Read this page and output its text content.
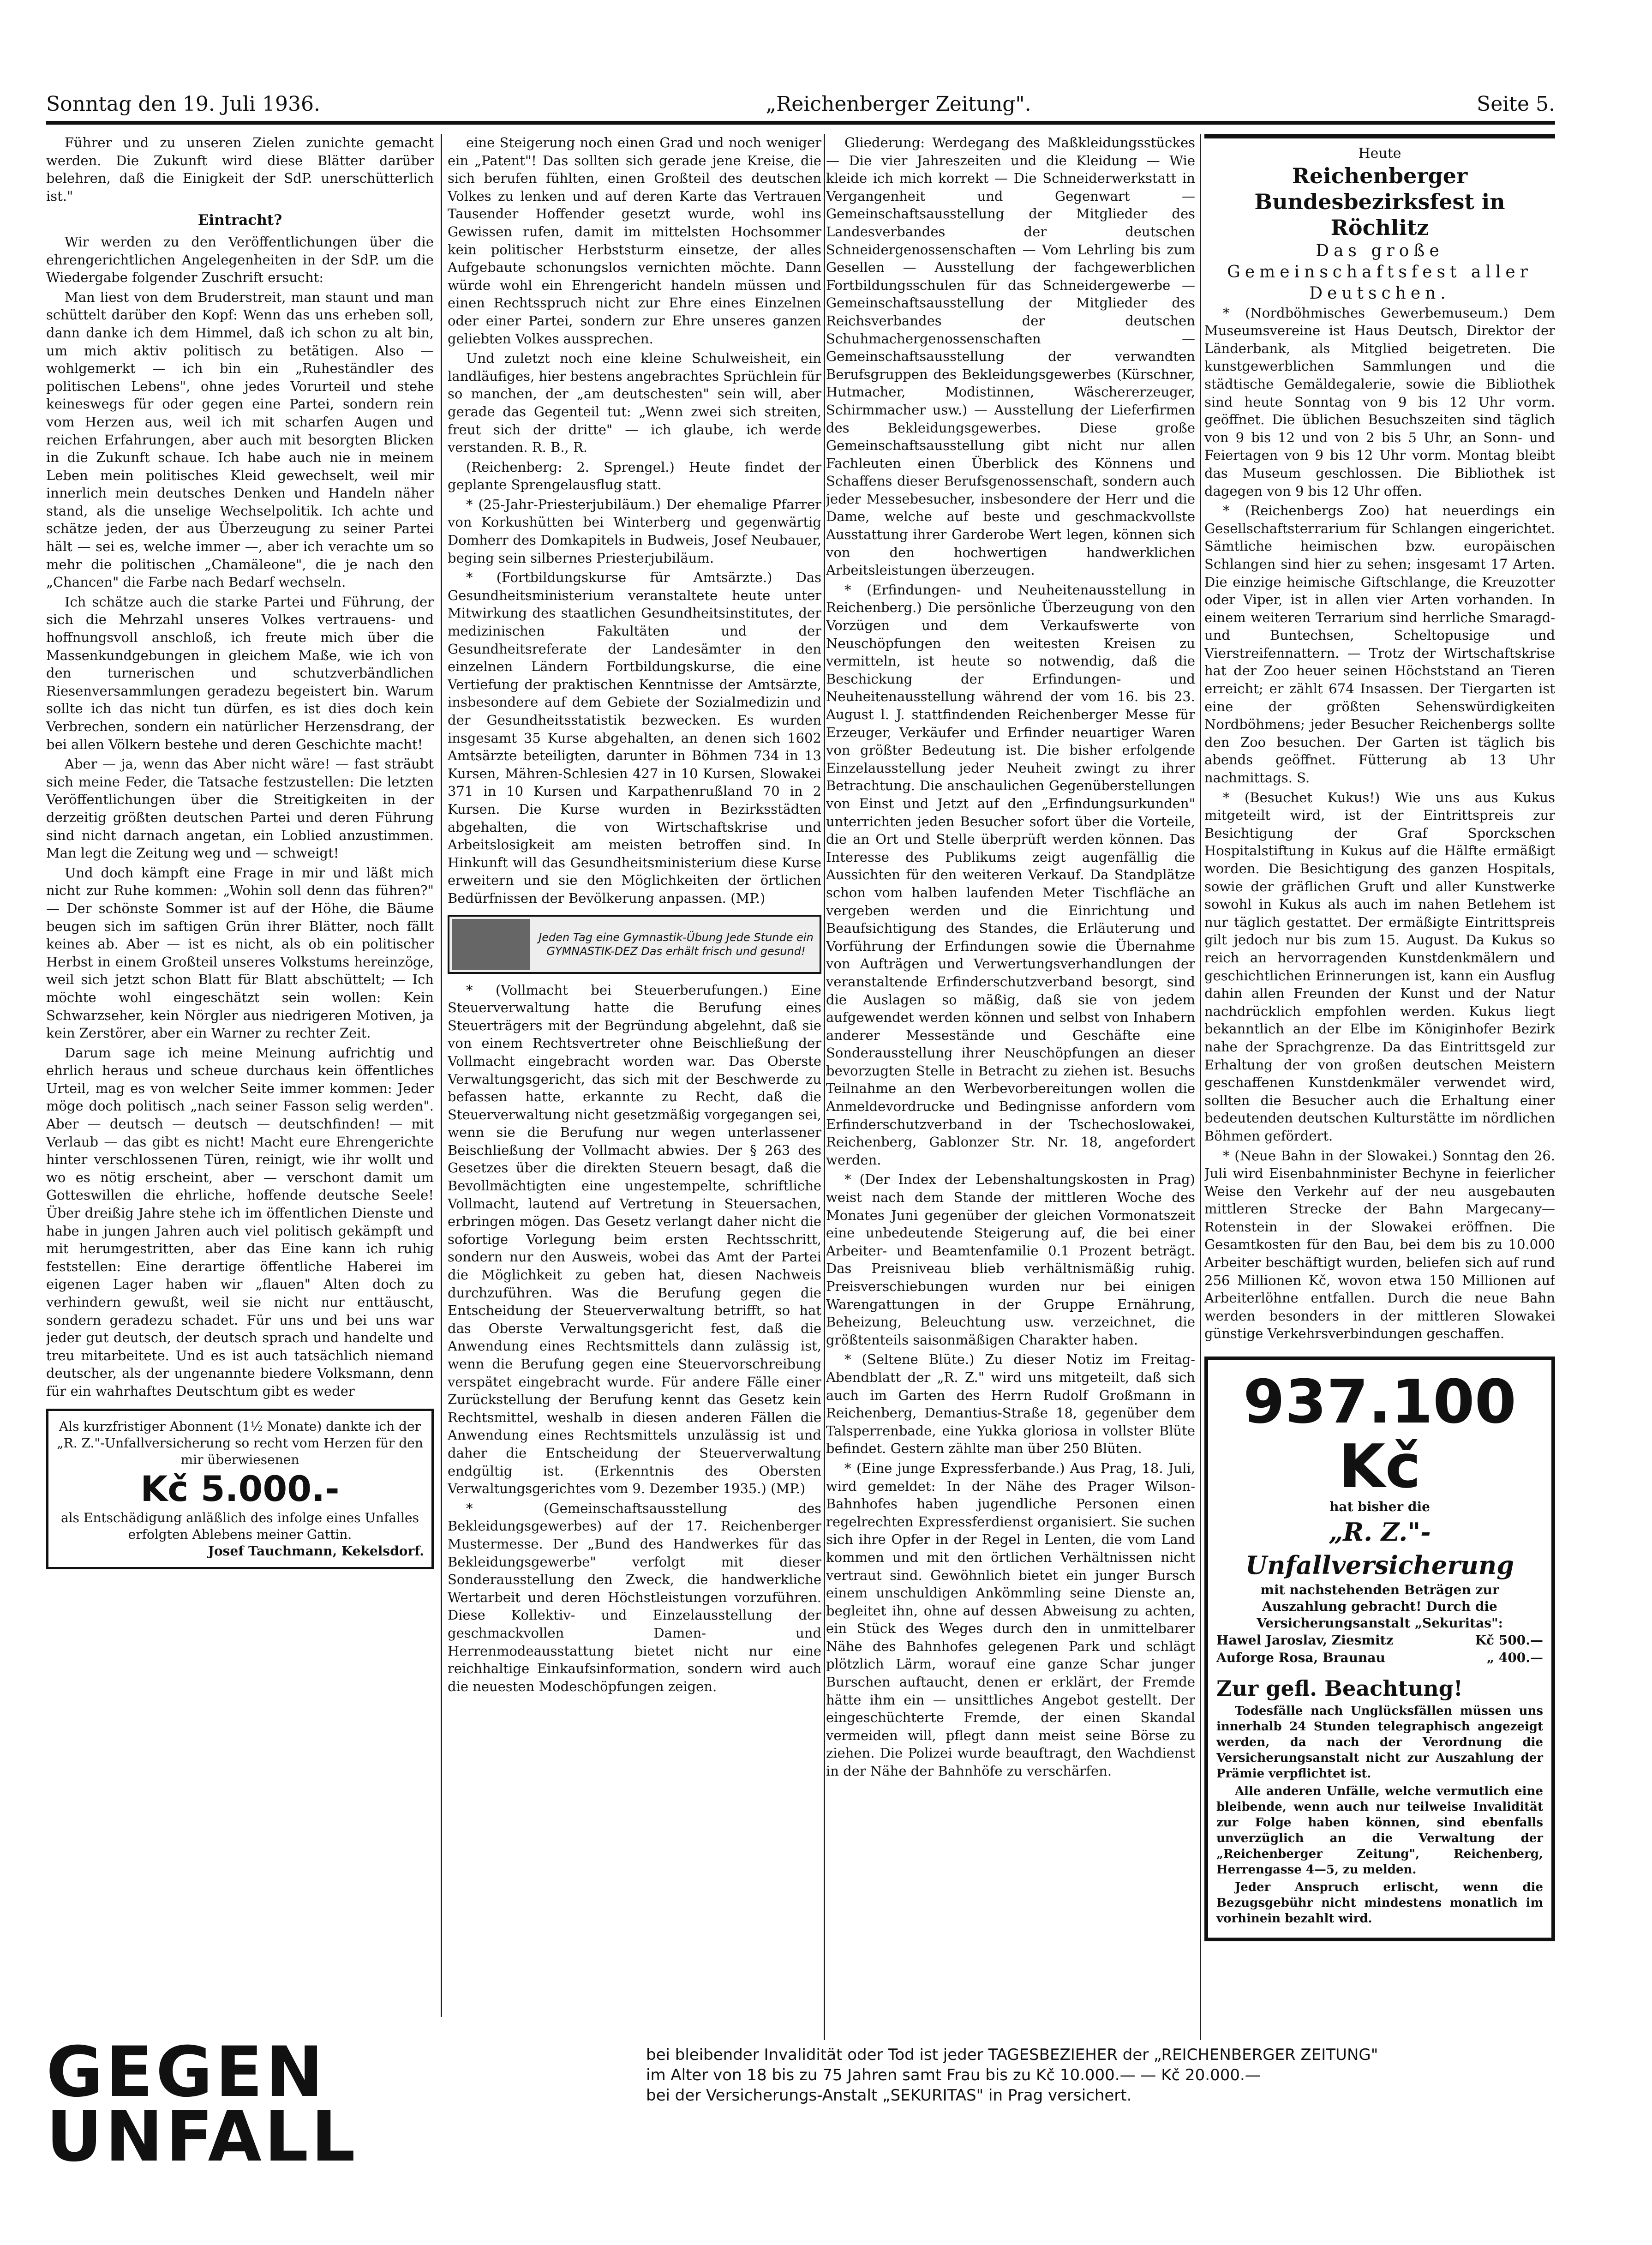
Sonntag den 19. Juli 1936.	„Reichenberger Zeitung".	Seite 5.

Führer und zu unseren Zielen zunichte gemacht werden. Die Zukunft wird diese Blätter darüber belehren, daß die Einigkeit der SdP. unerschütterlich ist."

Eintracht?

Wir werden zu den Veröffentlichungen über die ehrengerichtlichen Angelegenheiten in der SdP. um die Wiedergabe folgender Zuschrift ersucht:

Man liest von dem Bruderstreit, man staunt und man schüttelt darüber den Kopf: Wenn das uns erheben soll, dann danke ich dem Himmel, daß ich schon zu alt bin, um mich aktiv politisch zu betätigen. Also — wohlgemerkt — ich bin ein „Ruheständler des politischen Lebens", ohne jedes Vorurteil und stehe keineswegs für oder gegen eine Partei, sondern rein vom Herzen aus, weil ich mit scharfen Augen und reichen Erfahrungen, aber auch mit besorgten Blicken in die Zukunft schaue. Ich habe auch nie in meinem Leben mein politisches Kleid gewechselt, weil mir innerlich mein deutsches Denken und Handeln näher stand, als die unselige Wechselpolitik. Ich achte und schätze jeden, der aus Überzeugung zu seiner Partei hält — sei es, welche immer —, aber ich verachte um so mehr die politischen „Chamäleone", die je nach den „Chancen" die Farbe nach Bedarf wechseln.

Ich schätze auch die starke Partei und Führung, der sich die Mehrzahl unseres Volkes vertrauens- und hoffnungsvoll anschloß, ich freute mich über die Massenkundgebungen in gleichem Maße, wie ich von den turnerischen und schutzverbändlichen Riesenversammlungen geradezu begeistert bin. Warum sollte ich das nicht tun dürfen, es ist dies doch kein Verbrechen, sondern ein natürlicher Herzensdrang, der bei allen Völkern bestehe und deren Geschichte macht!

Aber — ja, wenn das Aber nicht wäre! — fast sträubt sich meine Feder, die Tatsache festzustellen: Die letzten Veröffentlichungen über die Streitigkeiten in der derzeitig größten deutschen Partei und deren Führung sind nicht darnach angetan, ein Loblied anzustimmen. Man legt die Zeitung weg und — schweigt!

Und doch kämpft eine Frage in mir und läßt mich nicht zur Ruhe kommen: „Wohin soll denn das führen?" — Der schönste Sommer ist auf der Höhe, die Bäume beugen sich im saftigen Grün ihrer Blätter, noch fällt keines ab. Aber — ist es nicht, als ob ein politischer Herbst in einem Großteil unseres Volkstums hereinzöge, weil sich jetzt schon Blatt für Blatt abschüttelt; — Ich möchte wohl eingeschätzt sein wollen: Kein Schwarzseher, kein Nörgler aus niedrigeren Motiven, ja kein Zerstörer, aber ein Warner zu rechter Zeit.

Darum sage ich meine Meinung aufrichtig und ehrlich heraus und scheue durchaus kein öffentliches Urteil, mag es von welcher Seite immer kommen: Jeder möge doch politisch „nach seiner Fasson selig werden". Aber — deutsch — deutsch — deutschfinden! — mit Verlaub — das gibt es nicht! Macht eure Ehrengerichte hinter verschlossenen Türen, reinigt, wie ihr wollt und wo es nötig erscheint, aber — verschont damit um Gotteswillen die ehrliche, hoffende deutsche Seele! Über dreißig Jahre stehe ich im öffentlichen Dienste und habe in jungen Jahren auch viel politisch gekämpft und mit herumgestritten, aber das Eine kann ich ruhig feststellen: Eine derartige öffentliche Haberei im eigenen Lager haben wir „flauen" Alten doch zu verhindern gewußt, weil sie nicht nur enttäuscht, sondern geradezu schadet. Für uns und bei uns war jeder gut deutsch, der deutsch sprach und handelte und treu mitarbeitete. Und es ist auch tatsächlich niemand deutscher, als der ungenannte biedere Volksmann, denn für ein wahrhaftes Deutschtum gibt es weder

Als kurzfristiger Abonnent (1½ Monate) dankte ich der „R. Z."-Unfallversicherung so recht vom Herzen für den mir überwiesenen
Kč 5.000.-
als Entschädigung anläßlich des infolge eines Unfalles erfolgten Ablebens meiner Gattin.
Josef Tauchmann, Kekelsdorf.

eine Steigerung noch einen Grad und noch weniger ein „Patent"! Das sollten sich gerade jene Kreise, die sich berufen fühlten, einen Großteil des deutschen Volkes zu lenken und auf deren Karte das Vertrauen Tausender Hoffender gesetzt wurde, wohl ins Gewissen rufen, damit im mittelsten Hochsommer kein politischer Herbststurm einsetze, der alles Aufgebaute schonungslos vernichten möchte. Dann würde wohl ein Ehrengericht handeln müssen und einen Rechtsspruch nicht zur Ehre eines Einzelnen oder einer Partei, sondern zur Ehre unseres ganzen geliebten Volkes aussprechen.

Und zuletzt noch eine kleine Schulweisheit, ein landläufiges, hier bestens angebrachtes Sprüchlein für so manchen, der „am deutschesten" sein will, aber gerade das Gegenteil tut: „Wenn zwei sich streiten, freut sich der dritte" — ich glaube, ich werde verstanden. R. B., R.

(Reichenberg: 2. Sprengel.) Heute findet der geplante Sprengelausflug statt.

* (25-Jahr-Priesterjubiläum.) Der ehemalige Pfarrer von Korkushütten bei Winterberg und gegenwärtig Domherr des Domkapitels in Budweis, Josef Neubauer, beging sein silbernes Priesterjubiläum.

* (Fortbildungskurse für Amtsärzte.) Das Gesundheitsministerium veranstaltete heute unter Mitwirkung des staatlichen Gesundheitsinstitutes, der medizinischen Fakultäten und der Gesundheitsreferate der Landesämter in den einzelnen Ländern Fortbildungskurse, die eine Vertiefung der praktischen Kenntnisse der Amtsärzte, insbesondere auf dem Gebiete der Sozialmedizin und der Gesundheitsstatistik bezwecken. Es wurden insgesamt 35 Kurse abgehalten, an denen sich 1602 Amtsärzte beteiligten, darunter in Böhmen 734 in 13 Kursen, Mähren-Schlesien 427 in 10 Kursen, Slowakei 371 in 10 Kursen und Karpathenrußland 70 in 2 Kursen. Die Kurse wurden in Bezirksstädten abgehalten, die von Wirtschaftskrise und Arbeitslosigkeit am meisten betroffen sind. In Hinkunft will das Gesundheitsministerium diese Kurse erweitern und sie den Möglichkeiten der örtlichen Bedürfnissen der Bevölkerung anpassen. (MP.)

Jeden Tag eine Gymnastik-Übung Jede Stunde ein GYMNASTIK-DEZ Das erhält frisch und gesund!

* (Vollmacht bei Steuerberufungen.) Eine Steuerverwaltung hatte die Berufung eines Steuerträgers mit der Begründung abgelehnt, daß sie von einem Rechtsvertreter ohne Beischließung der Vollmacht eingebracht worden war. Das Oberste Verwaltungsgericht, das sich mit der Beschwerde zu befassen hatte, erkannte zu Recht, daß die Steuerverwaltung nicht gesetzmäßig vorgegangen sei, wenn sie die Berufung nur wegen unterlassener Beischließung der Vollmacht abwies. Der § 263 des Gesetzes über die direkten Steuern besagt, daß die Bevollmächtigten eine ungestempelte, schriftliche Vollmacht, lautend auf Vertretung in Steuersachen, erbringen mögen. Das Gesetz verlangt daher nicht die sofortige Vorlegung beim ersten Rechtsschritt, sondern nur den Ausweis, wobei das Amt der Partei die Möglichkeit zu geben hat, diesen Nachweis durchzuführen. Was die Berufung gegen die Entscheidung der Steuerverwaltung betrifft, so hat das Oberste Verwaltungsgericht fest, daß die Anwendung eines Rechtsmittels dann zulässig ist, wenn die Berufung gegen eine Steuervorschreibung verspätet eingebracht wurde. Für andere Fälle einer Zurückstellung der Berufung kennt das Gesetz kein Rechtsmittel, weshalb in diesen anderen Fällen die Anwendung eines Rechtsmittels unzulässig ist und daher die Entscheidung der Steuerverwaltung endgültig ist. (Erkenntnis des Obersten Verwaltungsgerichtes vom 9. Dezember 1935.) (MP.)

* (Gemeinschaftsausstellung des Bekleidungsgewerbes) auf der 17. Reichenberger Mustermesse. Der „Bund des Handwerkes für das Bekleidungsgewerbe" verfolgt mit dieser Sonderausstellung den Zweck, die handwerkliche Wertarbeit und deren Höchstleistungen vorzuführen. Diese Kollektiv- und Einzelausstellung der geschmackvollen Damen- und Herrenmodeausstattung bietet nicht nur eine reichhaltige Einkaufsinformation, sondern wird auch die neuesten Modeschöpfungen zeigen.

Gliederung: Werdegang des Maßkleidungsstückes — Die vier Jahreszeiten und die Kleidung — Wie kleide ich mich korrekt — Die Schneiderwerkstatt in Vergangenheit und Gegenwart — Gemeinschaftsausstellung der Mitglieder des Landesverbandes der deutschen Schneidergenossenschaften — Vom Lehrling bis zum Gesellen — Ausstellung der fachgewerblichen Fortbildungsschulen für das Schneidergewerbe — Gemeinschaftsausstellung der Mitglieder des Reichsverbandes der deutschen Schuhmachergenossenschaften — Gemeinschaftsausstellung der verwandten Berufsgruppen des Bekleidungsgewerbes (Kürschner, Hutmacher, Modistinnen, Wäschererzeuger, Schirmmacher usw.) — Ausstellung der Lieferfirmen des Bekleidungsgewerbes. Diese große Gemeinschaftsausstellung gibt nicht nur allen Fachleuten einen Überblick des Könnens und Schaffens dieser Berufsgenossenschaft, sondern auch jeder Messebesucher, insbesondere der Herr und die Dame, welche auf beste und geschmackvollste Ausstattung ihrer Garderobe Wert legen, können sich von den hochwertigen handwerklichen Arbeitsleistungen überzeugen.

* (Erfindungen- und Neuheitenausstellung in Reichenberg.) Die persönliche Überzeugung von den Vorzügen und dem Verkaufswerte von Neuschöpfungen den weitesten Kreisen zu vermitteln, ist heute so notwendig, daß die Beschickung der Erfindungen- und Neuheitenausstellung während der vom 16. bis 23. August l. J. stattfindenden Reichenberger Messe für Erzeuger, Verkäufer und Erfinder neuartiger Waren von größter Bedeutung ist. Die bisher erfolgende Einzelausstellung jeder Neuheit zwingt zu ihrer Betrachtung. Die anschaulichen Gegenüberstellungen von Einst und Jetzt auf den „Erfindungsurkunden" unterrichten jeden Besucher sofort über die Vorteile, die an Ort und Stelle überprüft werden können. Das Interesse des Publikums zeigt augenfällig die Aussichten für den weiteren Verkauf. Da Standplätze schon vom halben laufenden Meter Tischfläche an vergeben werden und die Einrichtung und Beaufsichtigung des Standes, die Erläuterung und Vorführung der Erfindungen sowie die Übernahme von Aufträgen und Verwertungsverhandlungen der veranstaltende Erfinderschutzverband besorgt, sind die Auslagen so mäßig, daß sie von jedem aufgewendet werden können und selbst von Inhabern anderer Messestände und Geschäfte eine Sonderausstellung ihrer Neuschöpfungen an dieser bevorzugten Stelle in Betracht zu ziehen ist. Besuchs Teilnahme an den Werbevorbereitungen wollen die Anmeldevordrucke und Bedingnisse anfordern vom Erfinderschutzverband in der Tschechoslowakei, Reichenberg, Gablonzer Str. Nr. 18, angefordert werden.

* (Der Index der Lebenshaltungskosten in Prag) weist nach dem Stande der mittleren Woche des Monates Juni gegenüber der gleichen Vormonatszeit eine unbedeutende Steigerung auf, die bei einer Arbeiter- und Beamtenfamilie 0.1 Prozent beträgt. Das Preisniveau blieb verhältnismäßig ruhig. Preisverschiebungen wurden nur bei einigen Warengattungen in der Gruppe Ernährung, Beheizung, Beleuchtung usw. verzeichnet, die größtenteils saisonmäßigen Charakter haben.

* (Seltene Blüte.) Zu dieser Notiz im Freitag-Abendblatt der „R. Z." wird uns mitgeteilt, daß sich auch im Garten des Herrn Rudolf Großmann in Reichenberg, Demantius-Straße 18, gegenüber dem Talsperrenbade, eine Yukka gloriosa in vollster Blüte befindet. Gestern zählte man über 250 Blüten.

* (Eine junge Expressferbande.) Aus Prag, 18. Juli, wird gemeldet: In der Nähe des Prager Wilson-Bahnhofes haben jugendliche Personen einen regelrechten Expressferdienst organisiert. Sie suchen sich ihre Opfer in der Regel in Lenten, die vom Land kommen und mit den örtlichen Verhältnissen nicht vertraut sind. Gewöhnlich bietet ein junger Bursch einem unschuldigen Ankömmling seine Dienste an, begleitet ihn, ohne auf dessen Abweisung zu achten, ein Stück des Weges durch den in unmittelbarer Nähe des Bahnhofes gelegenen Park und schlägt plötzlich Lärm, worauf eine ganze Schar junger Burschen auftaucht, denen er erklärt, der Fremde hätte ihm ein — unsittliches Angebot gestellt. Der eingeschüchterte Fremde, der einen Skandal vermeiden will, pflegt dann meist seine Börse zu ziehen. Die Polizei wurde beauftragt, den Wachdienst in der Nähe der Bahnhöfe zu verschärfen.

Heute
Reichenberger Bundesbezirksfest in Röchlitz
Das große Gemeinschaftsfest aller Deutschen.

* (Nordböhmisches Gewerbemuseum.) Dem Museumsvereine ist Haus Deutsch, Direktor der Länderbank, als Mitglied beigetreten. Die kunstgewerblichen Sammlungen und die städtische Gemäldegalerie, sowie die Bibliothek sind heute Sonntag von 9 bis 12 Uhr vorm. geöffnet. Die üblichen Besuchszeiten sind täglich von 9 bis 12 und von 2 bis 5 Uhr, an Sonn- und Feiertagen von 9 bis 12 Uhr vorm. Montag bleibt das Museum geschlossen. Die Bibliothek ist dagegen von 9 bis 12 Uhr offen.

* (Reichenbergs Zoo) hat neuerdings ein Gesellschaftsterrarium für Schlangen eingerichtet. Sämtliche heimischen bzw. europäischen Schlangen sind hier zu sehen; insgesamt 17 Arten. Die einzige heimische Giftschlange, die Kreuzotter oder Viper, ist in allen vier Arten vorhanden. In einem weiteren Terrarium sind herrliche Smaragd- und Buntechsen, Scheltopusige und Vierstreifennattern. — Trotz der Wirtschaftskrise hat der Zoo heuer seinen Höchststand an Tieren erreicht; er zählt 674 Insassen. Der Tiergarten ist eine der größten Sehenswürdigkeiten Nordböhmens; jeder Besucher Reichenbergs sollte den Zoo besuchen. Der Garten ist täglich bis abends geöffnet. Fütterung ab 13 Uhr nachmittags. S.

* (Besuchet Kukus!) Wie uns aus Kukus mitgeteilt wird, ist der Eintrittspreis zur Besichtigung der Graf Sporckschen Hospitalstiftung in Kukus auf die Hälfte ermäßigt worden. Die Besichtigung des ganzen Hospitals, sowie der gräflichen Gruft und aller Kunstwerke sowohl in Kukus als auch im nahen Betlehem ist nur täglich gestattet. Der ermäßigte Eintrittspreis gilt jedoch nur bis zum 15. August. Da Kukus so reich an hervorragenden Kunstdenkmälern und geschichtlichen Erinnerungen ist, kann ein Ausflug dahin allen Freunden der Kunst und der Natur nachdrücklich empfohlen werden. Kukus liegt bekanntlich an der Elbe im Königinhofer Bezirk nahe der Sprachgrenze. Da das Eintrittsgeld zur Erhaltung der von großen deutschen Meistern geschaffenen Kunstdenkmäler verwendet wird, sollten die Besucher auch die Erhaltung einer bedeutenden deutschen Kulturstätte im nördlichen Böhmen gefördert.

* (Neue Bahn in der Slowakei.) Sonntag den 26. Juli wird Eisenbahnminister Bechyne in feierlicher Weise den Verkehr auf der neu ausgebauten mittleren Strecke der Bahn Margecany—Rotenstein in der Slowakei eröffnen. Die Gesamtkosten für den Bau, bei dem bis zu 10.000 Arbeiter beschäftigt wurden, beliefen sich auf rund 256 Millionen Kč, wovon etwa 150 Millionen auf Arbeiterlöhne entfallen. Durch die neue Bahn werden besonders in der mittleren Slowakei günstige Verkehrsverbindungen geschaffen.

937.100 Kč
hat bisher die
„R. Z."-Unfallversicherung
mit nachstehenden Beträgen zur Auszahlung gebracht! Durch die Versicherungsanstalt „Sekuritas":
Hawel Jaroslav, Ziesmitz	Kč 500.—
Auforge Rosa, Braunau	„ 400.—
Zur gefl. Beachtung!

Todesfälle nach Unglücksfällen müssen uns innerhalb 24 Stunden telegraphisch angezeigt werden, da nach der Verordnung die Versicherungsanstalt nicht zur Auszahlung der Prämie verpflichtet ist.

Alle anderen Unfälle, welche vermutlich eine bleibende, wenn auch nur teilweise Invalidität zur Folge haben können, sind ebenfalls unverzüglich an die Verwaltung der „Reichenberger Zeitung", Reichenberg, Herrengasse 4—5, zu melden.

Jeder Anspruch erlischt, wenn die Bezugsgebühr nicht mindestens monatlich im vorhinein bezahlt wird.

GEGEN UNFALL
bei bleibender Invalidität oder Tod ist jeder TAGESBEZIEHER der „REICHENBERGER ZEITUNG"
im Alter von 18 bis zu 75 Jahren samt Frau bis zu Kč 10.000.— — Kč 20.000.—
bei der Versicherungs-Anstalt „SEKURITAS" in Prag versichert.
